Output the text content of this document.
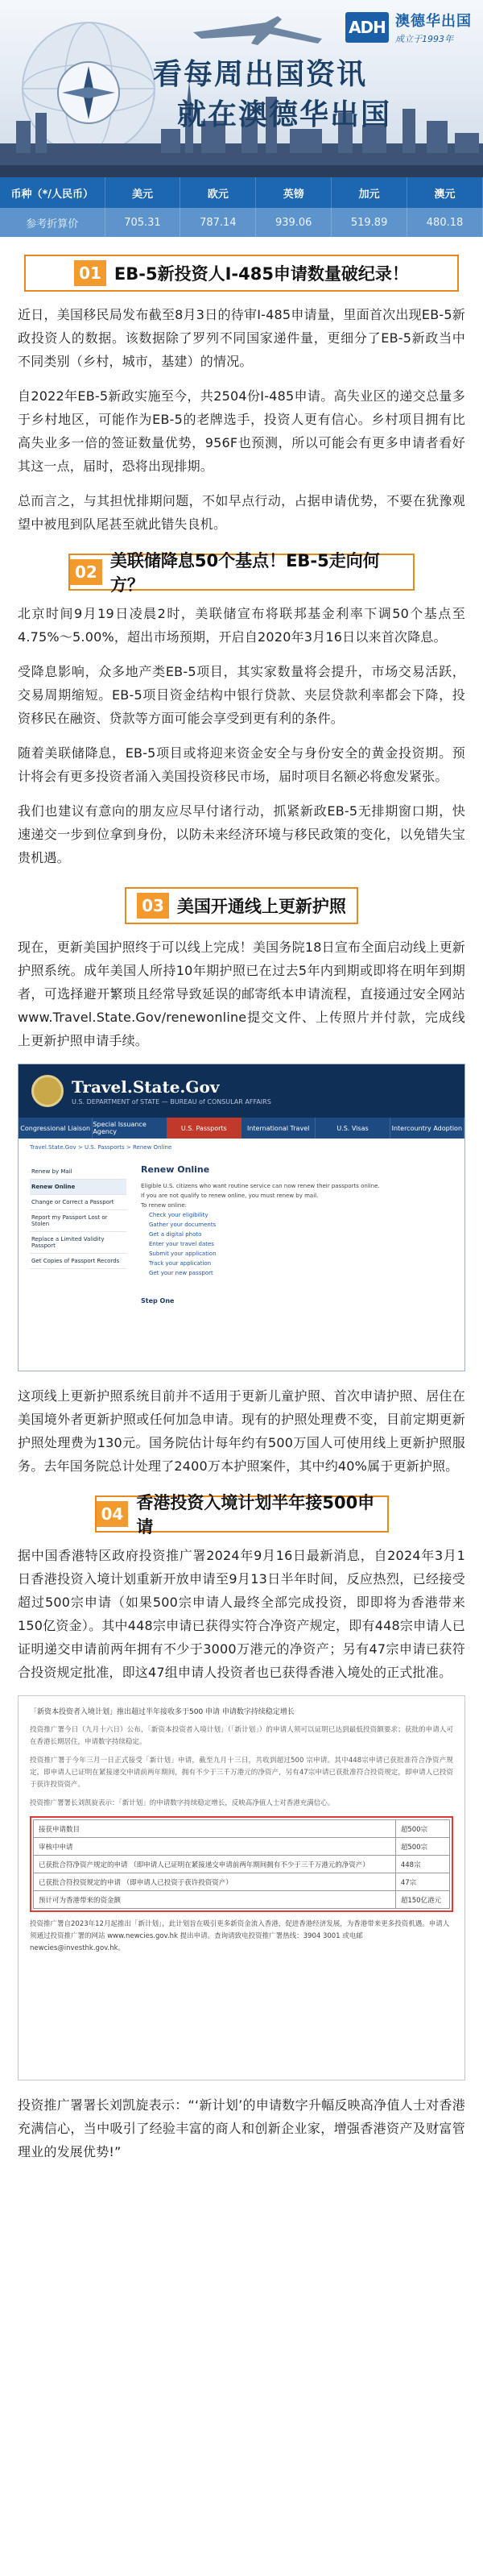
ADH 澳德华出国
成立于1993年
看每周出国资讯
就在澳德华出国
币种（*/人民币）	美元	欧元	英镑	加元	澳元
参考折算价	705.31	787.14	939.06	519.89	480.18
01 EB-5新投资人I-485申请数量破纪录！

近日，美国移民局发布截至8月3日的待审I-485申请量，里面首次出现EB-5新政投资人的数据。该数据除了罗列不同国家递件量，更细分了EB-5新政当中不同类别（乡村，城市，基建）的情况。

自2022年EB-5新政实施至今，共2504份I-485申请。高失业区的递交总量多于乡村地区，可能作为EB-5的老牌选手，投资人更有信心。乡村项目拥有比高失业多一倍的签证数量优势，956F也预测，所以可能会有更多申请者看好其这一点，届时，恐将出现排期。

总而言之，与其担忧排期问题，不如早点行动，占据申请优势，不要在犹豫观望中被甩到队尾甚至就此错失良机。

02
美联储降息50个基点！EB-5走向何方？

北京时间9月19日凌晨2时，美联储宣布将联邦基金利率下调50个基点至4.75%～5.00%，超出市场预期，开启自2020年3月16日以来首次降息。

受降息影响，众多地产类EB-5项目，其实家数量将会提升，市场交易活跃，交易周期缩短。EB-5项目资金结构中银行贷款、夹层贷款利率都会下降，投资移民在融资、贷款等方面可能会享受到更有利的条件。

随着美联储降息，EB-5项目或将迎来资金安全与身份安全的黄金投资期。预计将会有更多投资者涌入美国投资移民市场，届时项目名额必将愈发紧张。

我们也建议有意向的朋友应尽早付诸行动，抓紧新政EB-5无排期窗口期，快速递交一步到位拿到身份，以防未来经济环境与移民政策的变化，以免错失宝贵机遇。

03 美国开通线上更新护照

现在，更新美国护照终于可以线上完成！美国务院18日宣布全面启动线上更新护照系统。成年美国人所持10年期护照已在过去5年内到期或即将在明年到期者，可选择避开繁琐且经常导致延误的邮寄纸本申请流程，直接通过安全网站www.Travel.State.Gov/renewonline提交文件、上传照片并付款，完成线上更新护照申请手续。

Travel.State.Gov
U.S. DEPARTMENT of STATE — BUREAU of CONSULAR AFFAIRS
Congressional Liaison Special Issuance Agency	U.S. Passports	International Travel	U.S. Visas	Intercountry Adoption
Travel.State.Gov > U.S. Passports > Renew Online
Renew by Mail
Renew Online
Change or Correct a Passport
Report my Passport Lost or Stolen
Replace a Limited Validity Passport
Get Copies of Passport Records
Renew Online
Eligible U.S. citizens who want routine service can now renew their passports online.
If you are not qualify to renew online, you must renew by mail.
To renew online:
Check your eligibility
Gather your documents
Get a digital photo
Enter your travel dates
Submit your application
Track your application
Get your new passport
Step One

这项线上更新护照系统目前并不适用于更新儿童护照、首次申请护照、居住在美国境外者更新护照或任何加急申请。现有的护照处理费不变，目前定期更新护照处理费为130元。国务院估计每年约有500万国人可使用线上更新护照服务。去年国务院总计处理了2400万本护照案件，其中约40%属于更新护照。

04
香港投资入境计划半年接500申请

据中国香港特区政府投资推广署2024年9月16日最新消息，自2024年3月1日香港投资入境计划重新开放申请至9月13日半年时间，反应热烈，已经接受超过500宗申请（如果500宗申请人最终全部完成投资，即即将为香港带来150亿资金）。其中448宗申请已获得实符合净资产规定，即有448宗申请人已证明递交申请前两年拥有不少于3000万港元的净资产；另有47宗申请已获符合投资规定批准，即这47组申请人投资者也已获得香港入境处的正式批准。

「新资本投资者入境计划」推出超过半年接收多于500 申请 申请数字持续稳定增长
投资推广署今日（九月十六日）公布，「新资本投资者入境计划」（「新计划」）的申请人须可以证明已达到最低投资额要求；获批的申请人可在香港长期居住，申请数字持续稳定。
投资推广署于今年三月一日正式接受「新计划」申请，截至九月十三日，共收到超过500 宗申请。其中448宗申请已获批准符合净资产规定，即申请人已证明在紧接递交申请前两年期间，拥有不少于三千万港元的净资产，另有47宗申请已获批准符合投资规定，即申请人已投资于获许投资资产。
投资推广署署长刘凯旋表示：「新计划」的申请数字持续稳定增长，反映高净值人士对香港充满信心。
接获申请数目	超500宗
审核中申请	超500宗
已获批合符净资产规定的申请 （即申请人已证明在紧接递交申请前两年期间拥有不少于三千万港元的净资产）	448宗
已获批合符投资规定的申请 （即申请人已投资于获许投资资产）	47宗
预计可为香港带来的资金额	超150亿港元
投资推广署自2023年12月起推出「新计划」，此计划旨在吸引更多新资金流入香港，促进香港经济发展，为香港带来更多投资机遇。申请人须通过投资推广署的网站 www.newcies.gov.hk 提出申请。查询请致电投资推广署热线：3904 3001 或电邮 newcies@investhk.gov.hk。

投资推广署署长刘凯旋表示：“‘新计划’的申请数字升幅反映高净值人士对香港充满信心，当中吸引了经验丰富的商人和创新企业家，增强香港资产及财富管理业的发展优势!”
